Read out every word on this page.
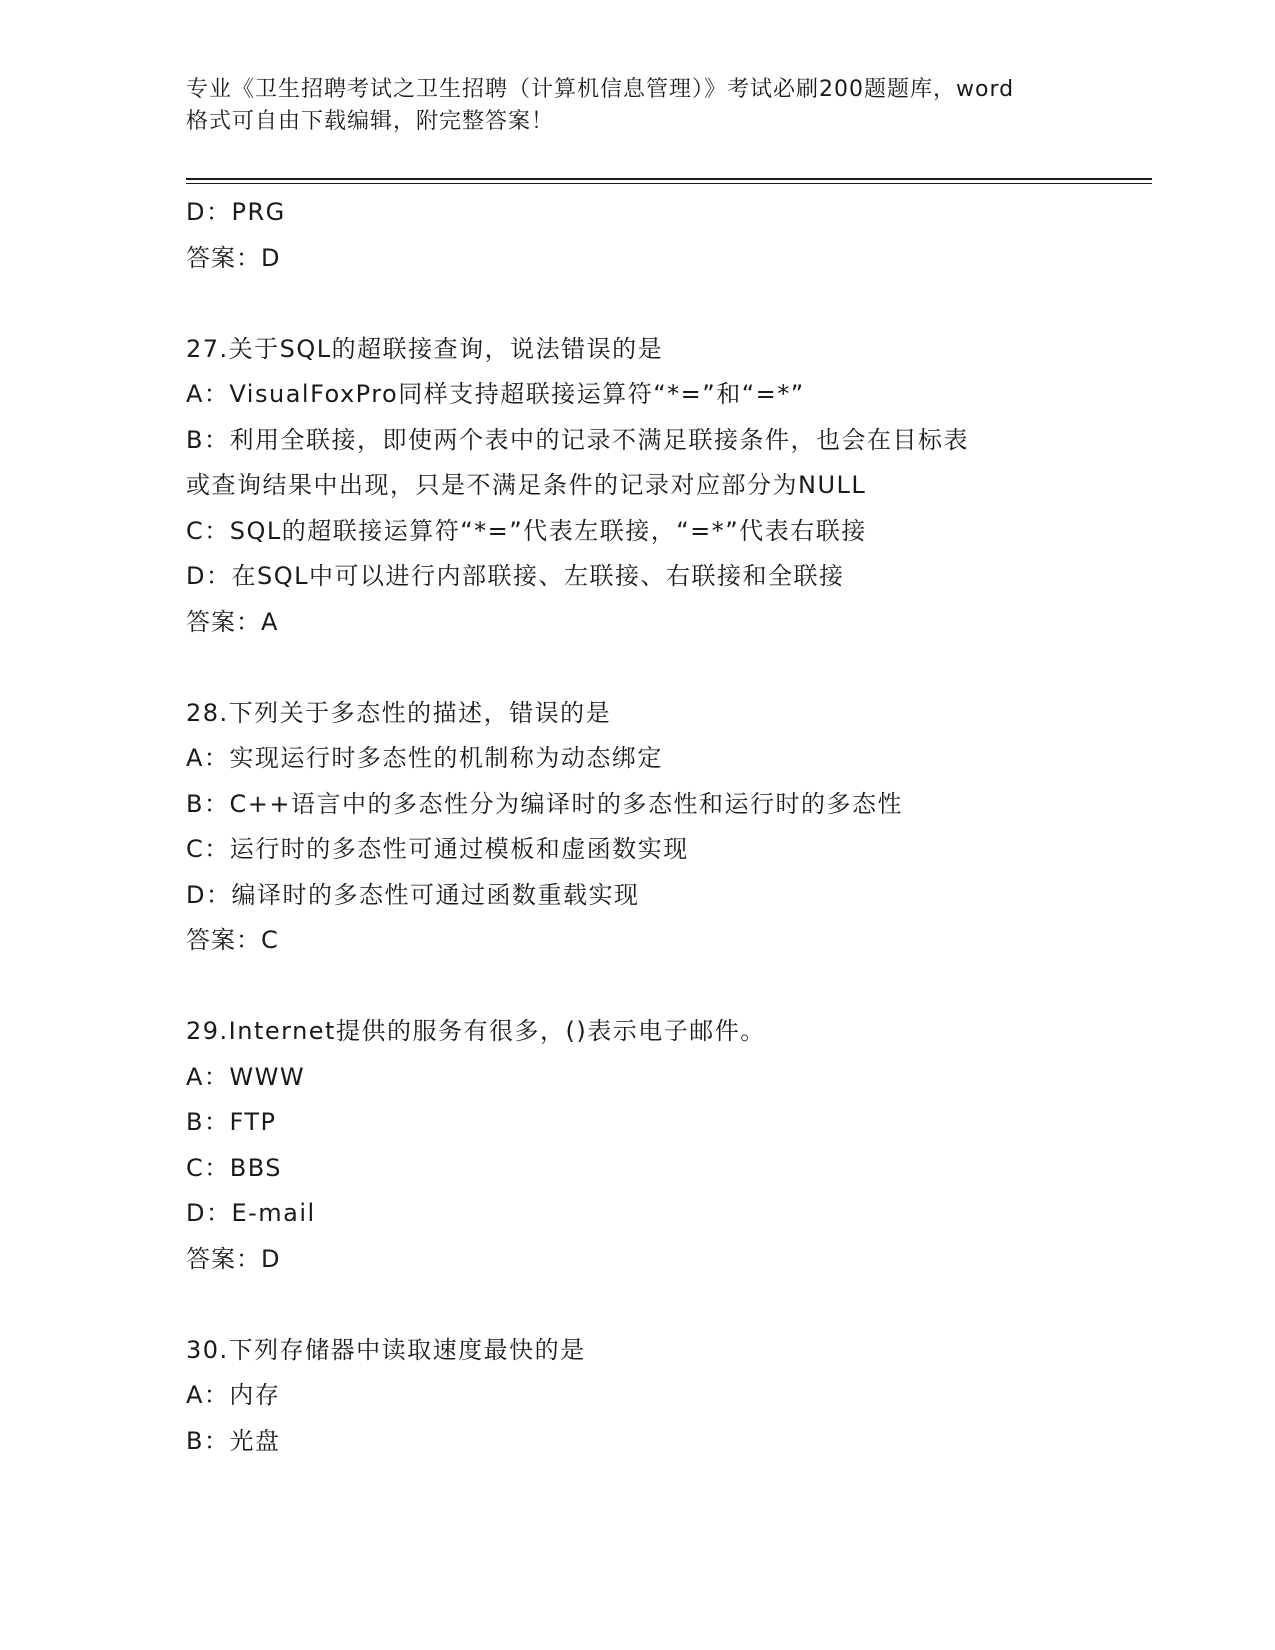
专业《卫生招聘考试之卫生招聘（计算机信息管理）》考试必刷200题题库，word
格式可自由下载编辑，附完整答案！
D：PRG
答案：D
27.关于SQL的超联接查询，说法错误的是
A：VisualFoxPro同样支持超联接运算符“*=”和“=*”
B：利用全联接，即使两个表中的记录不满足联接条件，也会在目标表
或查询结果中出现，只是不满足条件的记录对应部分为NULL
C：SQL的超联接运算符“*=”代表左联接，“=*”代表右联接
D：在SQL中可以进行内部联接、左联接、右联接和全联接
答案：A
28.下列关于多态性的描述，错误的是
A：实现运行时多态性的机制称为动态绑定
B：C++语言中的多态性分为编译时的多态性和运行时的多态性
C：运行时的多态性可通过模板和虚函数实现
D：编译时的多态性可通过函数重载实现
答案：C
29.Internet提供的服务有很多，()表示电子邮件。
A：WWW
B：FTP
C：BBS
D：E-mail
答案：D
30.下列存储器中读取速度最快的是
A：内存
B：光盘
